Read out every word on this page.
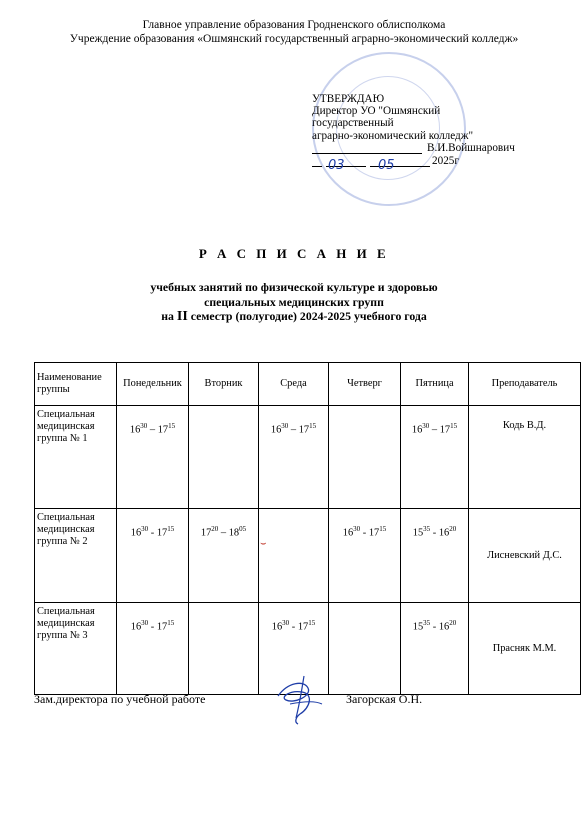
Главное управление образования Гродненского облисполкома
Учреждение образования «Ошмянский государственный аграрно-экономический колледж»
УТВЕРЖДАЮ
Директор УО "Ошмянский
государственный
аграрно-экономический колледж"
В.И.Войшнарович
2025г
03	05
Р А С П И С А Н И Е
учебных занятий по физической культуре и здоровью
специальных медицинских групп
на II семестр (полугодие) 2024-2025 учебного года
Наименование группы	Понедельник	Вторник	Среда	Четверг	Пятница	Преподаватель
Специальная медицинская группа № 1	$16^{30} - 17^{15}$		$16^{30} - 17^{15}$		$16^{30} - 17^{15}$	Кодь В.Д.
Специальная медицинская группа № 2	$16^{30} - 17^{15}$	$17^{20} - 18^{05}$		$16^{30} - 17^{15}$	$15^{35} - 16^{20}$	Лисневский Д.С.
Специальная медицинская группа № 3	$16^{30} - 17^{15}$		$16^{30} - 17^{15}$		$15^{35} - 16^{20}$	Прасняк М.М.
⌣
Зам.директора по учебной работе	Загорская О.Н.
